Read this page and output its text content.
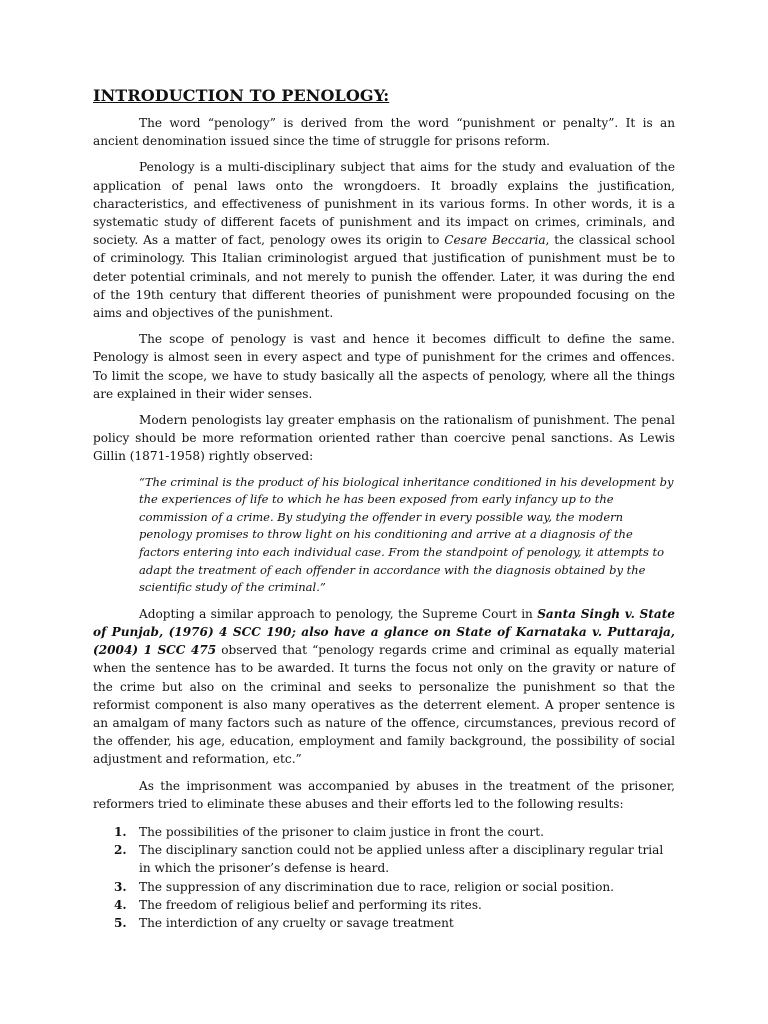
INTRODUCTION TO PENOLOGY:

The word “penology” is derived from the word “punishment or penalty”. It is an ancient denomination issued since the time of struggle for prisons reform.

Penology is a multi-disciplinary subject that aims for the study and evaluation of the application of penal laws onto the wrongdoers. It broadly explains the justification, characteristics, and effectiveness of punishment in its various forms. In other words, it is a systematic study of different facets of punishment and its impact on crimes, criminals, and society. As a matter of fact, penology owes its origin to Cesare Beccaria, the classical school of criminology. This Italian criminologist argued that justification of punishment must be to deter potential criminals, and not merely to punish the offender. Later, it was during the end of the 19th century that different theories of punishment were propounded focusing on the aims and objectives of the punishment.

The scope of penology is vast and hence it becomes difficult to define the same. Penology is almost seen in every aspect and type of punishment for the crimes and offences. To limit the scope, we have to study basically all the aspects of penology, where all the things are explained in their wider senses.

Modern penologists lay greater emphasis on the rationalism of punishment. The penal policy should be more reformation oriented rather than coercive penal sanctions. As Lewis Gillin (1871-1958) rightly observed:

“The criminal is the product of his biological inheritance conditioned in his development by the experiences of life to which he has been exposed from early infancy up to the commission of a crime. By studying the offender in every possible way, the modern penology promises to throw light on his conditioning and arrive at a diagnosis of the factors entering into each individual case. From the standpoint of penology, it attempts to adapt the treatment of each offender in accordance with the diagnosis obtained by the scientific study of the criminal.”

Adopting a similar approach to penology, the Supreme Court in Santa Singh v. State of Punjab, (1976) 4 SCC 190; also have a glance on State of Karnataka v. Puttaraja, (2004) 1 SCC 475 observed that “penology regards crime and criminal as equally material when the sentence has to be awarded. It turns the focus not only on the gravity or nature of the crime but also on the criminal and seeks to personalize the punishment so that the reformist component is also many operatives as the deterrent element. A proper sentence is an amalgam of many factors such as nature of the offence, circumstances, previous record of the offender, his age, education, employment and family background, the possibility of social adjustment and reformation, etc.”

As the imprisonment was accompanied by abuses in the treatment of the prisoner, reformers tried to eliminate these abuses and their efforts led to the following results:

1. The possibilities of the prisoner to claim justice in front the court.
2. The disciplinary sanction could not be applied unless after a disciplinary regular trial in which the prisoner’s defense is heard.
3. The suppression of any discrimination due to race, religion or social position.
4. The freedom of religious belief and performing its rites.
5. The interdiction of any cruelty or savage treatment
